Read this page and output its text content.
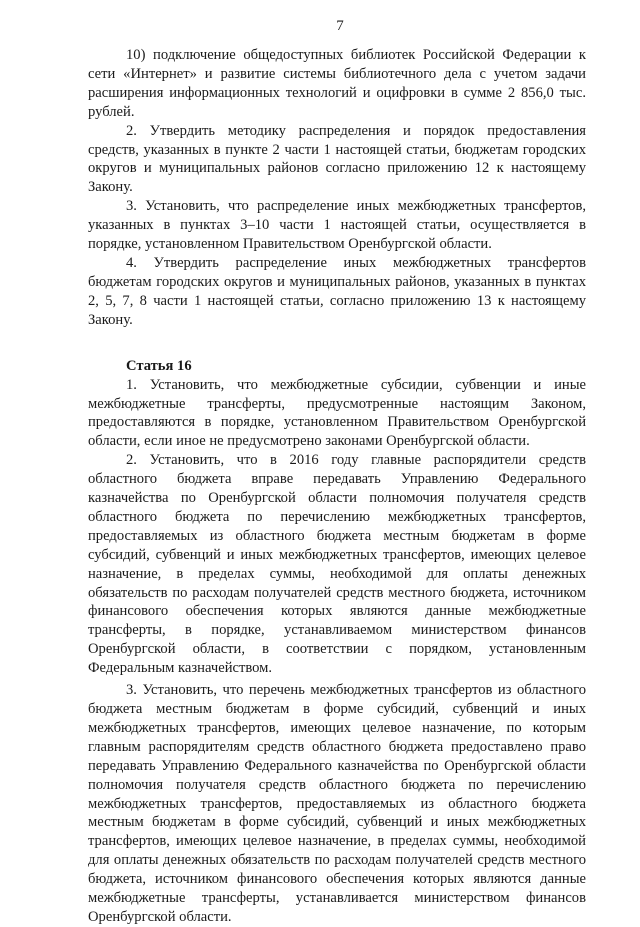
7

10) подключение общедоступных библиотек Российской Федерации к сети «Интернет» и развитие системы библиотечного дела с учетом задачи расширения информационных технологий и оцифровки в сумме 2 856,0 тыс. рублей.

2. Утвердить методику распределения и порядок предоставления средств, указанных в пункте 2 части 1 настоящей статьи, бюджетам городских округов и муниципальных районов согласно приложению 12 к настоящему Закону.

3. Установить, что распределение иных межбюджетных трансфертов, указанных в пунктах 3–10 части 1 настоящей статьи, осуществляется в порядке, установленном Правительством Оренбургской области.

4. Утвердить распределение иных межбюджетных трансфертов бюджетам городских округов и муниципальных районов, указанных в пунктах 2, 5, 7, 8 части 1 настоящей статьи, согласно приложению 13 к настоящему Закону.

Статья 16

1. Установить, что межбюджетные субсидии, субвенции и иные межбюджетные трансферты, предусмотренные настоящим Законом, предоставляются в порядке, установленном Правительством Оренбургской области, если иное не предусмотрено законами Оренбургской области.

2. Установить, что в 2016 году главные распорядители средств областного бюджета вправе передавать Управлению Федерального казначейства по Оренбургской области полномочия получателя средств областного бюджета по перечислению межбюджетных трансфертов, предоставляемых из областного бюджета местным бюджетам в форме субсидий, субвенций и иных межбюджетных трансфертов, имеющих целевое назначение, в пределах суммы, необходимой для оплаты денежных обязательств по расходам получателей средств местного бюджета, источником финансового обеспечения которых являются данные межбюджетные трансферты, в порядке, устанавливаемом министерством финансов Оренбургской области, в соответствии с порядком, установленным Федеральным казначейством.

3. Установить, что перечень межбюджетных трансфертов из областного бюджета местным бюджетам в форме субсидий, субвенций и иных межбюджетных трансфертов, имеющих целевое назначение, по которым главным распорядителям средств областного бюджета предоставлено право передавать Управлению Федерального казначейства по Оренбургской области полномочия получателя средств областного бюджета по перечислению межбюджетных трансфертов, предоставляемых из областного бюджета местным бюджетам в форме субсидий, субвенций и иных межбюджетных трансфертов, имеющих целевое назначение, в пределах суммы, необходимой для оплаты денежных обязательств по расходам получателей средств местного бюджета, источником финансового обеспечения которых являются данные межбюджетные трансферты, устанавливается министерством финансов Оренбургской области.
